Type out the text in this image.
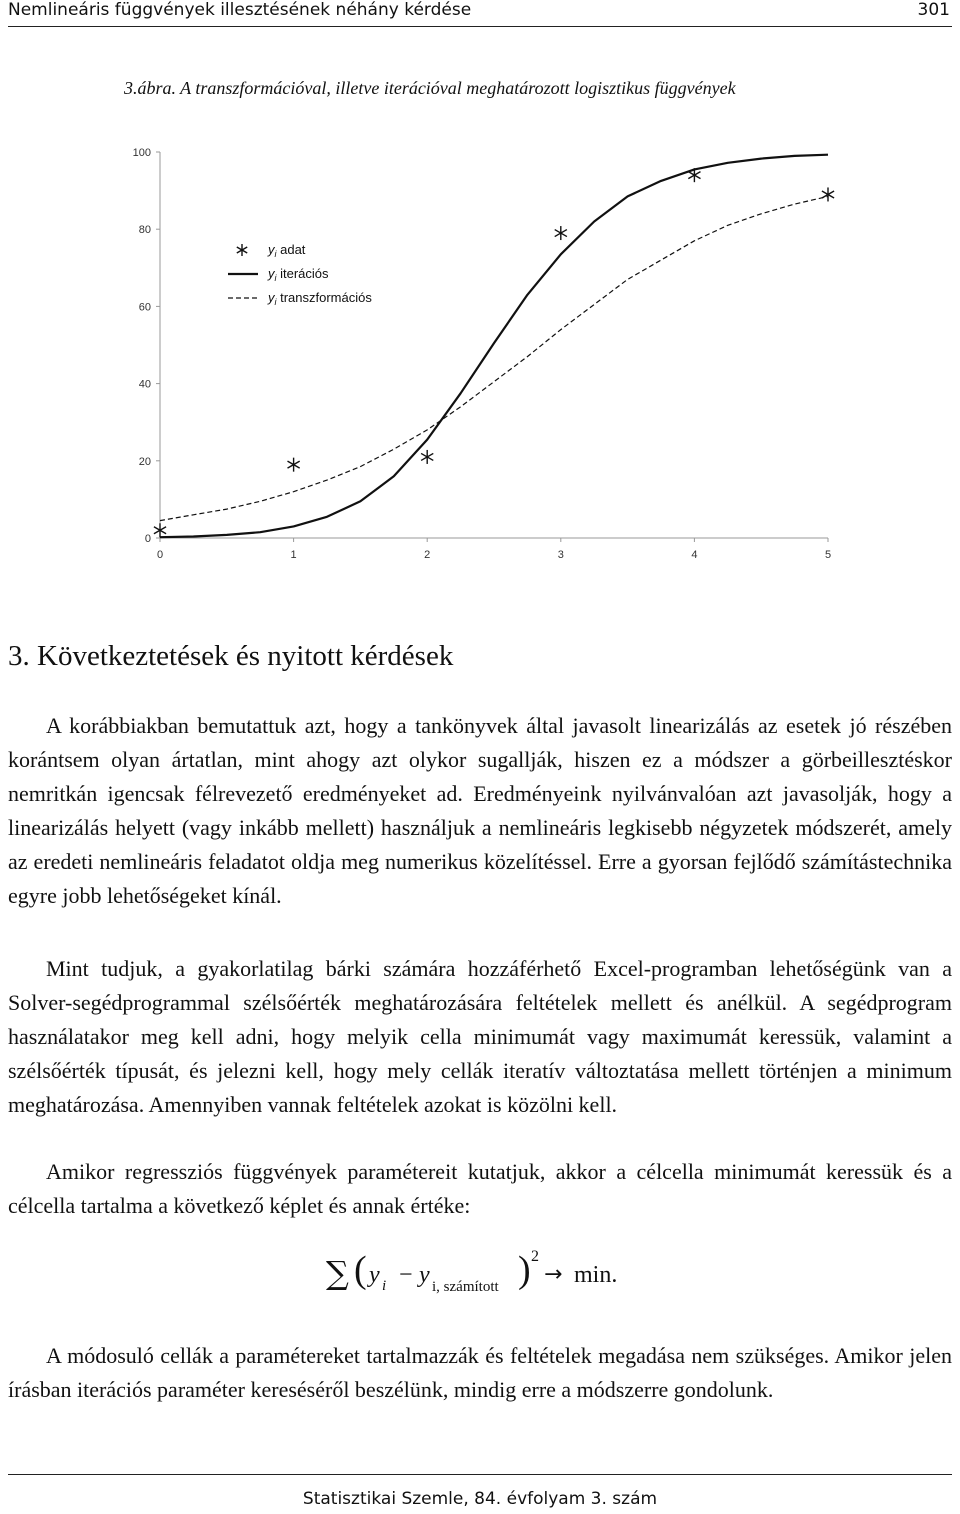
Nemlineáris függvények illesztésének néhány kérdése	301
3.ábra. A transzformációval, illetve iterációval meghatározott logisztikus függvények
0	1	2	3	4	5
0
20
40
60
80
100
$y_i$ adat
$y_i$ iterációs
$y_i$ transzformációs
3. Következtetések és nyitott kérdések

A korábbiakban bemutattuk azt, hogy a tankönyvek által javasolt linearizálás az esetek jó részében korántsem olyan ártatlan, mint ahogy azt olykor sugallják, hiszen ez a módszer a görbeillesztéskor nemritkán igencsak félrevezető eredményeket ad. Eredményeink nyilvánvalóan azt javasolják, hogy a linearizálás helyett (vagy inkább mellett) használjuk a nemlineáris legkisebb négyzetek módszerét, amely az eredeti nemlineáris feladatot oldja meg numerikus közelítéssel. Erre a gyorsan fejlődő számítástechnika egyre jobb lehetőségeket kínál.

Mint tudjuk, a gyakorlatilag bárki számára hozzáférhető Excel-programban lehetőségünk van a Solver-segédprogrammal szélsőérték meghatározására feltételek mellett és anélkül. A segédprogram használatakor meg kell adni, hogy melyik cella minimumát vagy maximumát keressük, valamint a szélsőérték típusát, és jelezni kell, hogy mely cellák iteratív változtatása mellett történjen a minimum meghatározása. Amennyiben vannak feltételek azokat is közölni kell.

Amikor regressziós függvények paramétereit kutatjuk, akkor a célcella minimumát keressük és a célcella tartalma a következő képlet és annak értéke:

∑ ( y i − y i, számított ) 2
→ min.

A módosuló cellák a paramétereket tartalmazzák és feltételek megadása nem szükséges. Amikor jelen írásban iterációs paraméter kereséséről beszélünk, mindig erre a módszerre gondolunk.

Statisztikai Szemle, 84. évfolyam 3. szám
